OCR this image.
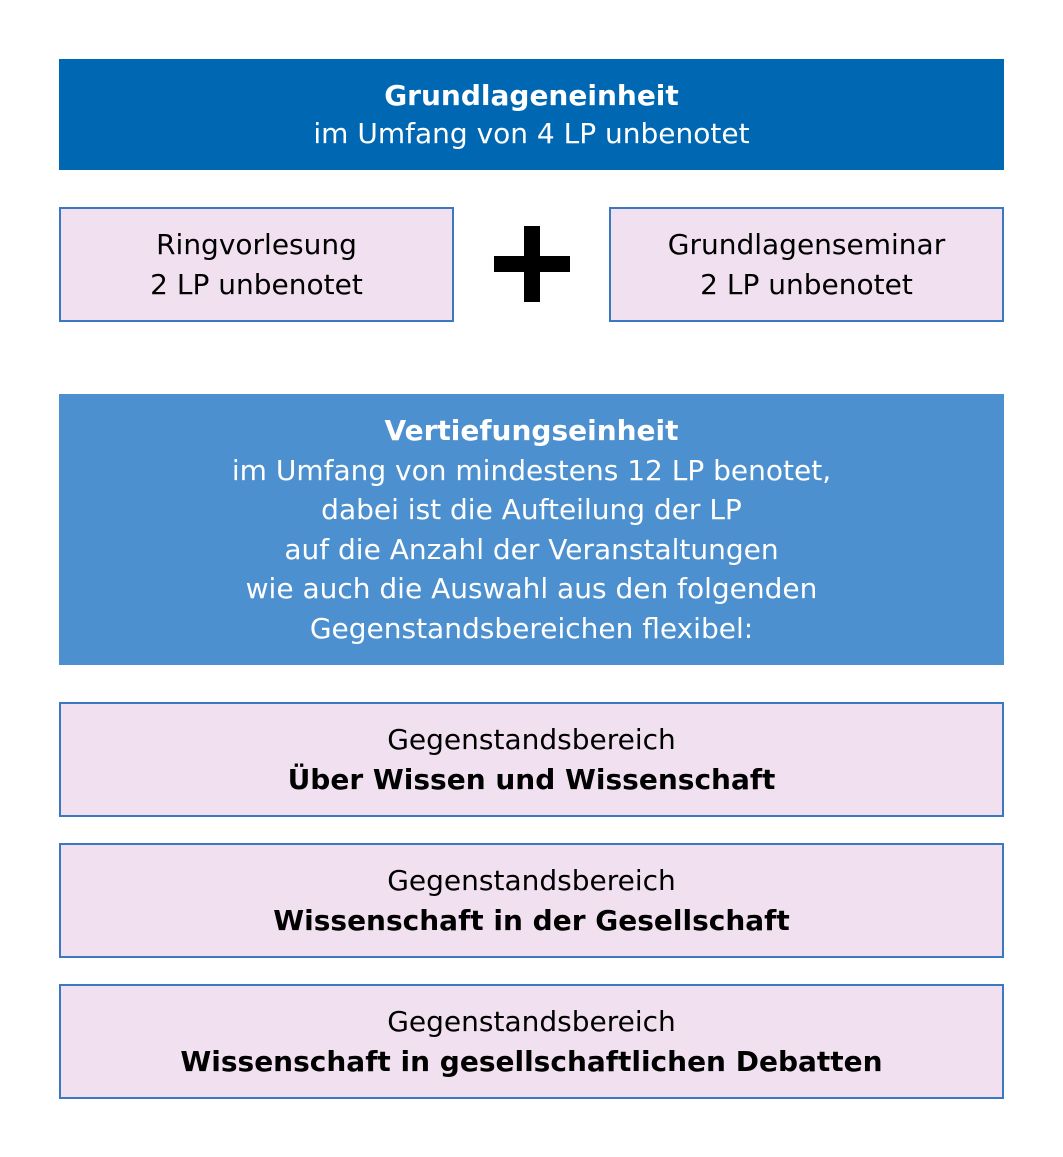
Grundlageneinheit
im Umfang von 4 LP unbenotet
Ringvorlesung
2 LP unbenotet
Grundlagenseminar
2 LP unbenotet
Vertiefungseinheit
im Umfang von mindestens 12 LP benotet,
dabei ist die Aufteilung der LP
auf die Anzahl der Veranstaltungen
wie auch die Auswahl aus den folgenden
Gegenstandsbereichen flexibel:
Gegenstandsbereich
Über Wissen und Wissenschaft
Gegenstandsbereich
Wissenschaft in der Gesellschaft
Gegenstandsbereich
Wissenschaft in gesellschaftlichen Debatten
